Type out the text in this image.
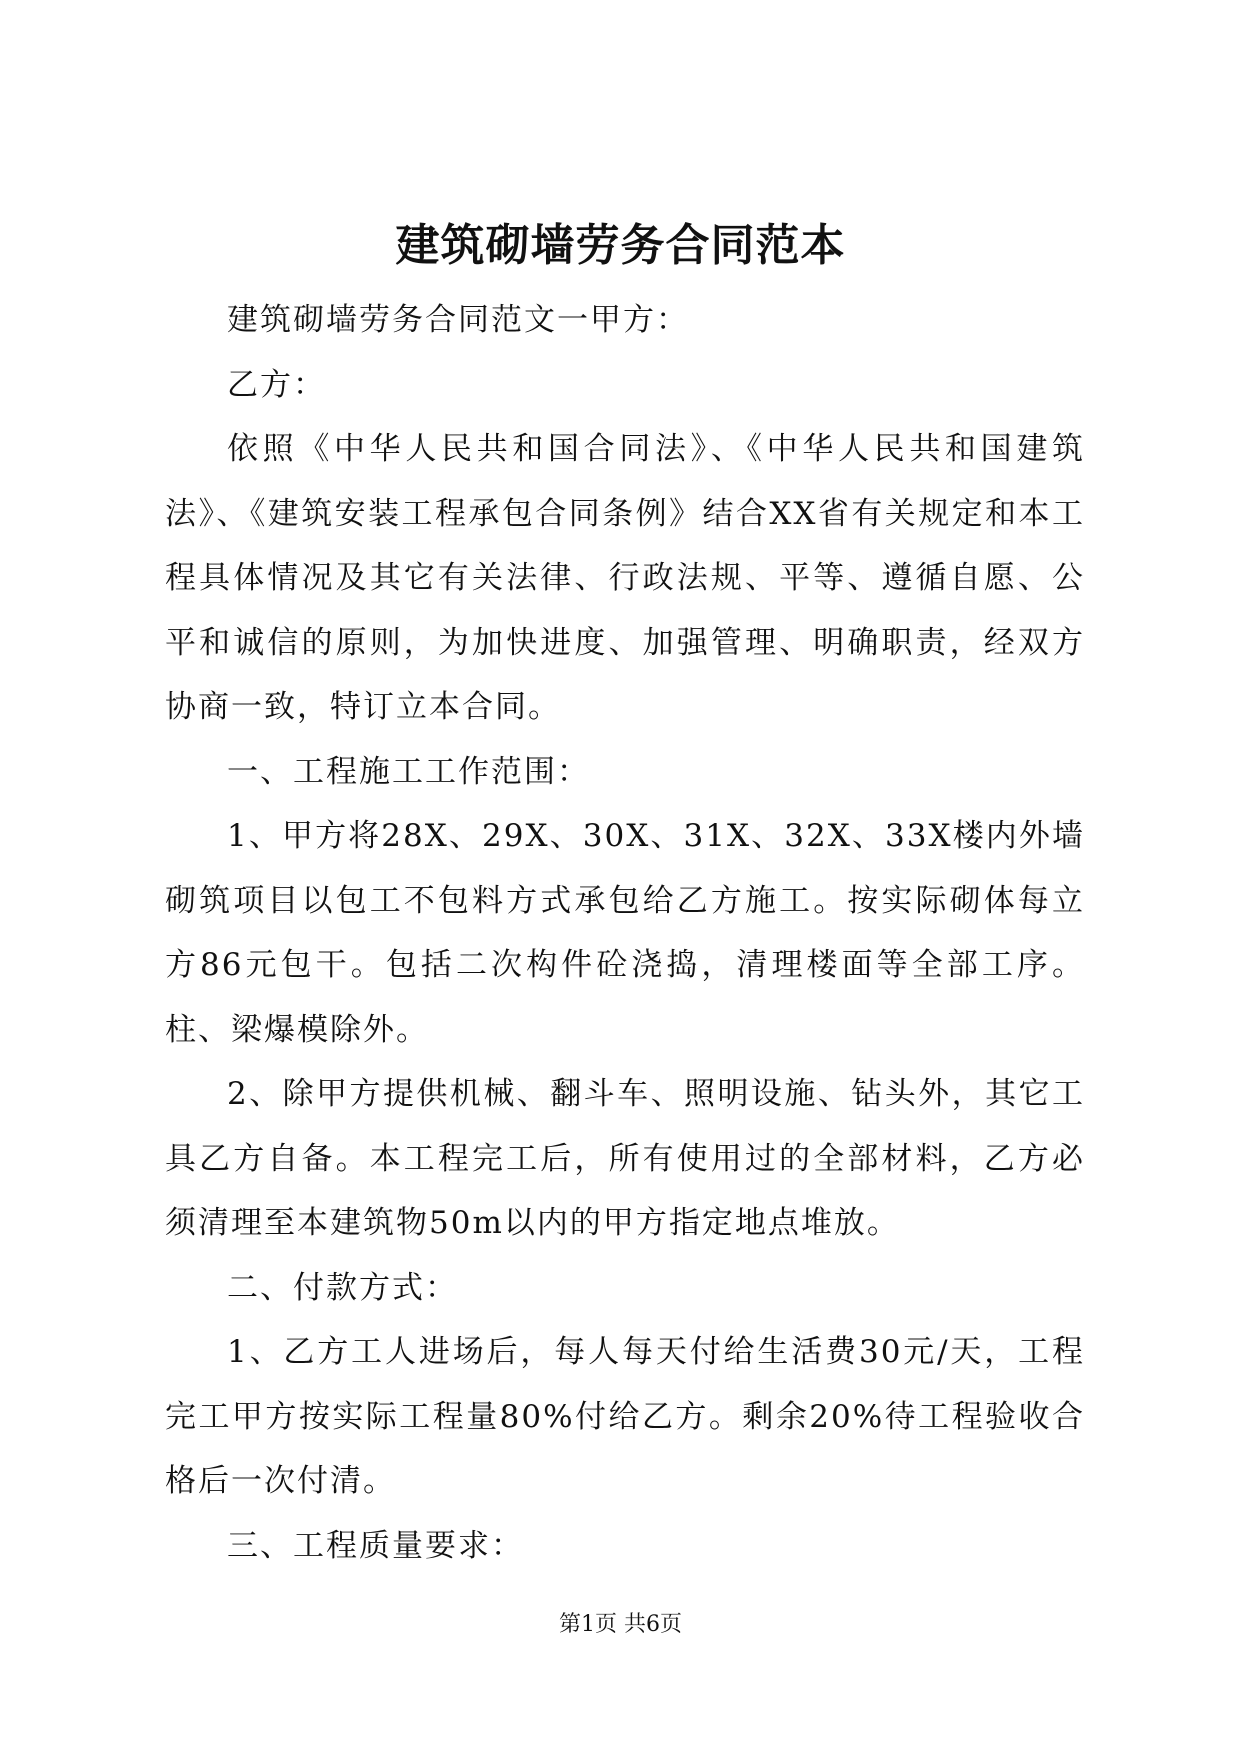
建筑砌墙劳务合同范本

建筑砌墙劳务合同范文一甲方：

乙方：

依照《中华人民共和国合同法》、《中华人民共和国建筑法》、《建筑安装工程承包合同条例》结合XX省有关规定和本工程具体情况及其它有关法律、行政法规、平等、遵循自愿、公平和诚信的原则，为加快进度、加强管理、明确职责，经双方协商一致，特订立本合同。

一、工程施工工作范围：

1、甲方将28X、29X、30X、31X、32X、33X楼内外墙砌筑项目以包工不包料方式承包给乙方施工。按实际砌体每立方86元包干。包括二次构件砼浇捣，清理楼面等全部工序。柱、梁爆模除外。

2、除甲方提供机械、翻斗车、照明设施、钻头外，其它工具乙方自备。本工程完工后，所有使用过的全部材料，乙方必须清理至本建筑物50m以内的甲方指定地点堆放。

二、付款方式：

1、乙方工人进场后，每人每天付给生活费30元/天，工程完工甲方按实际工程量80%付给乙方。剩余20%待工程验收合格后一次付清。

三、工程质量要求：

第1页 共6页
